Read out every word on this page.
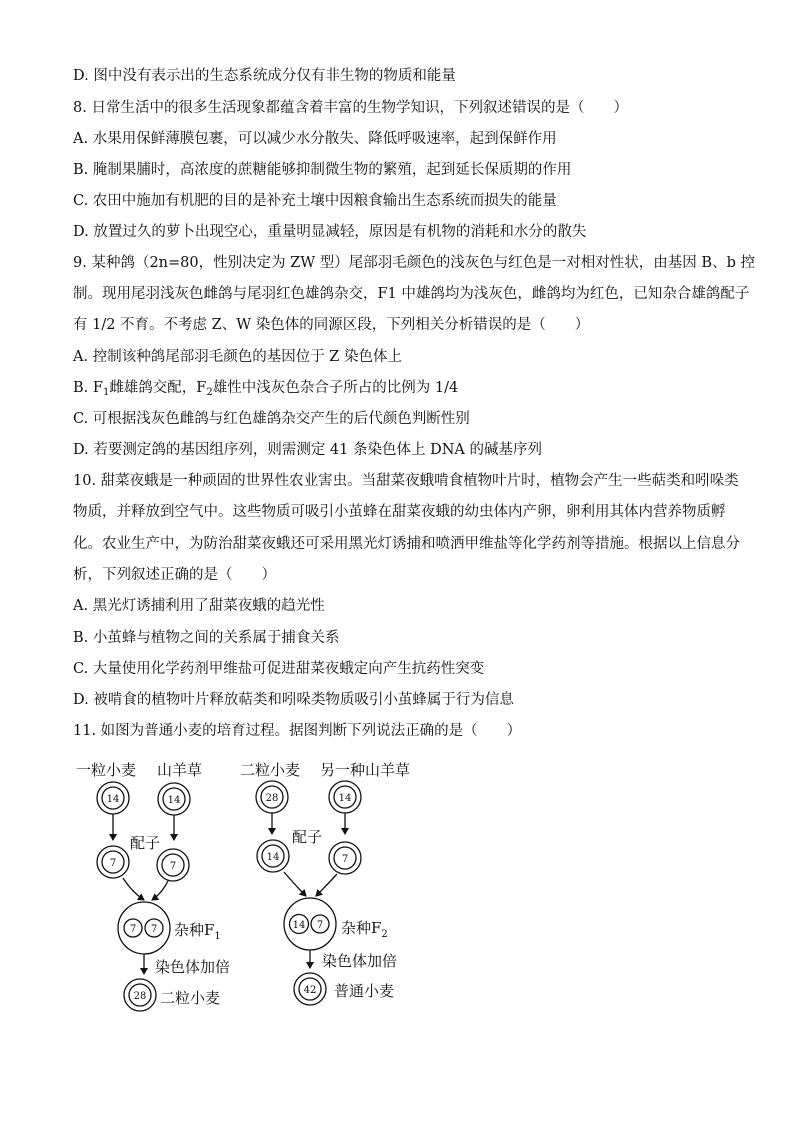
D. 图中没有表示出的生态系统成分仅有非生物的物质和能量
8. 日常生活中的很多生活现象都蕴含着丰富的生物学知识，下列叙述错误的是（　　）
A. 水果用保鲜薄膜包裹，可以减少水分散失、降低呼吸速率，起到保鲜作用
B. 腌制果脯时，高浓度的蔗糖能够抑制微生物的繁殖，起到延长保质期的作用
C. 农田中施加有机肥的目的是补充土壤中因粮食输出生态系统而损失的能量
D. 放置过久的萝卜出现空心，重量明显减轻，原因是有机物的消耗和水分的散失
9. 某种鸽（2n=80，性别决定为 ZW 型）尾部羽毛颜色的浅灰色与红色是一对相对性状，由基因 B、b 控
制。现用尾羽浅灰色雌鸽与尾羽红色雄鸽杂交，F1 中雄鸽均为浅灰色，雌鸽均为红色，已知杂合雄鸽配子
有 1/2 不育。不考虑 Z、W 染色体的同源区段，下列相关分析错误的是（　　）
A. 控制该种鸽尾部羽毛颜色的基因位于 Z 染色体上
B. $F_1$雌雄鸽交配，$F_2$雄性中浅灰色杂合子所占的比例为 1/4
C. 可根据浅灰色雌鸽与红色雄鸽杂交产生的后代颜色判断性别
D. 若要测定鸽的基因组序列，则需测定 41 条染色体上 DNA 的碱基序列
10. 甜菜夜蛾是一种顽固的世界性农业害虫。当甜菜夜蛾啃食植物叶片时，植物会产生一些萜类和吲哚类
物质，并释放到空气中。这些物质可吸引小茧蜂在甜菜夜蛾的幼虫体内产卵，卵利用其体内营养物质孵
化。农业生产中，为防治甜菜夜蛾还可采用黑光灯诱捕和喷洒甲维盐等化学药剂等措施。根据以上信息分
析，下列叙述正确的是（　　）
A. 黑光灯诱捕利用了甜菜夜蛾的趋光性
B. 小茧蜂与植物之间的关系属于捕食关系
C. 大量使用化学药剂甲维盐可促进甜菜夜蛾定向产生抗药性突变
D. 被啃食的植物叶片释放萜类和吲哚类物质吸引小茧蜂属于行为信息
11. 如图为普通小麦的培育过程。据图判断下列说法正确的是（　　）
一粒小麦 山羊草
配子
杂种$F_1$
染色体加倍
二粒小麦
二粒小麦 另一种山羊草
配子
杂种$F_2$
染色体加倍
普通小麦
14	14
7	7
7 7
28
28	14
14	7
14 7
42
